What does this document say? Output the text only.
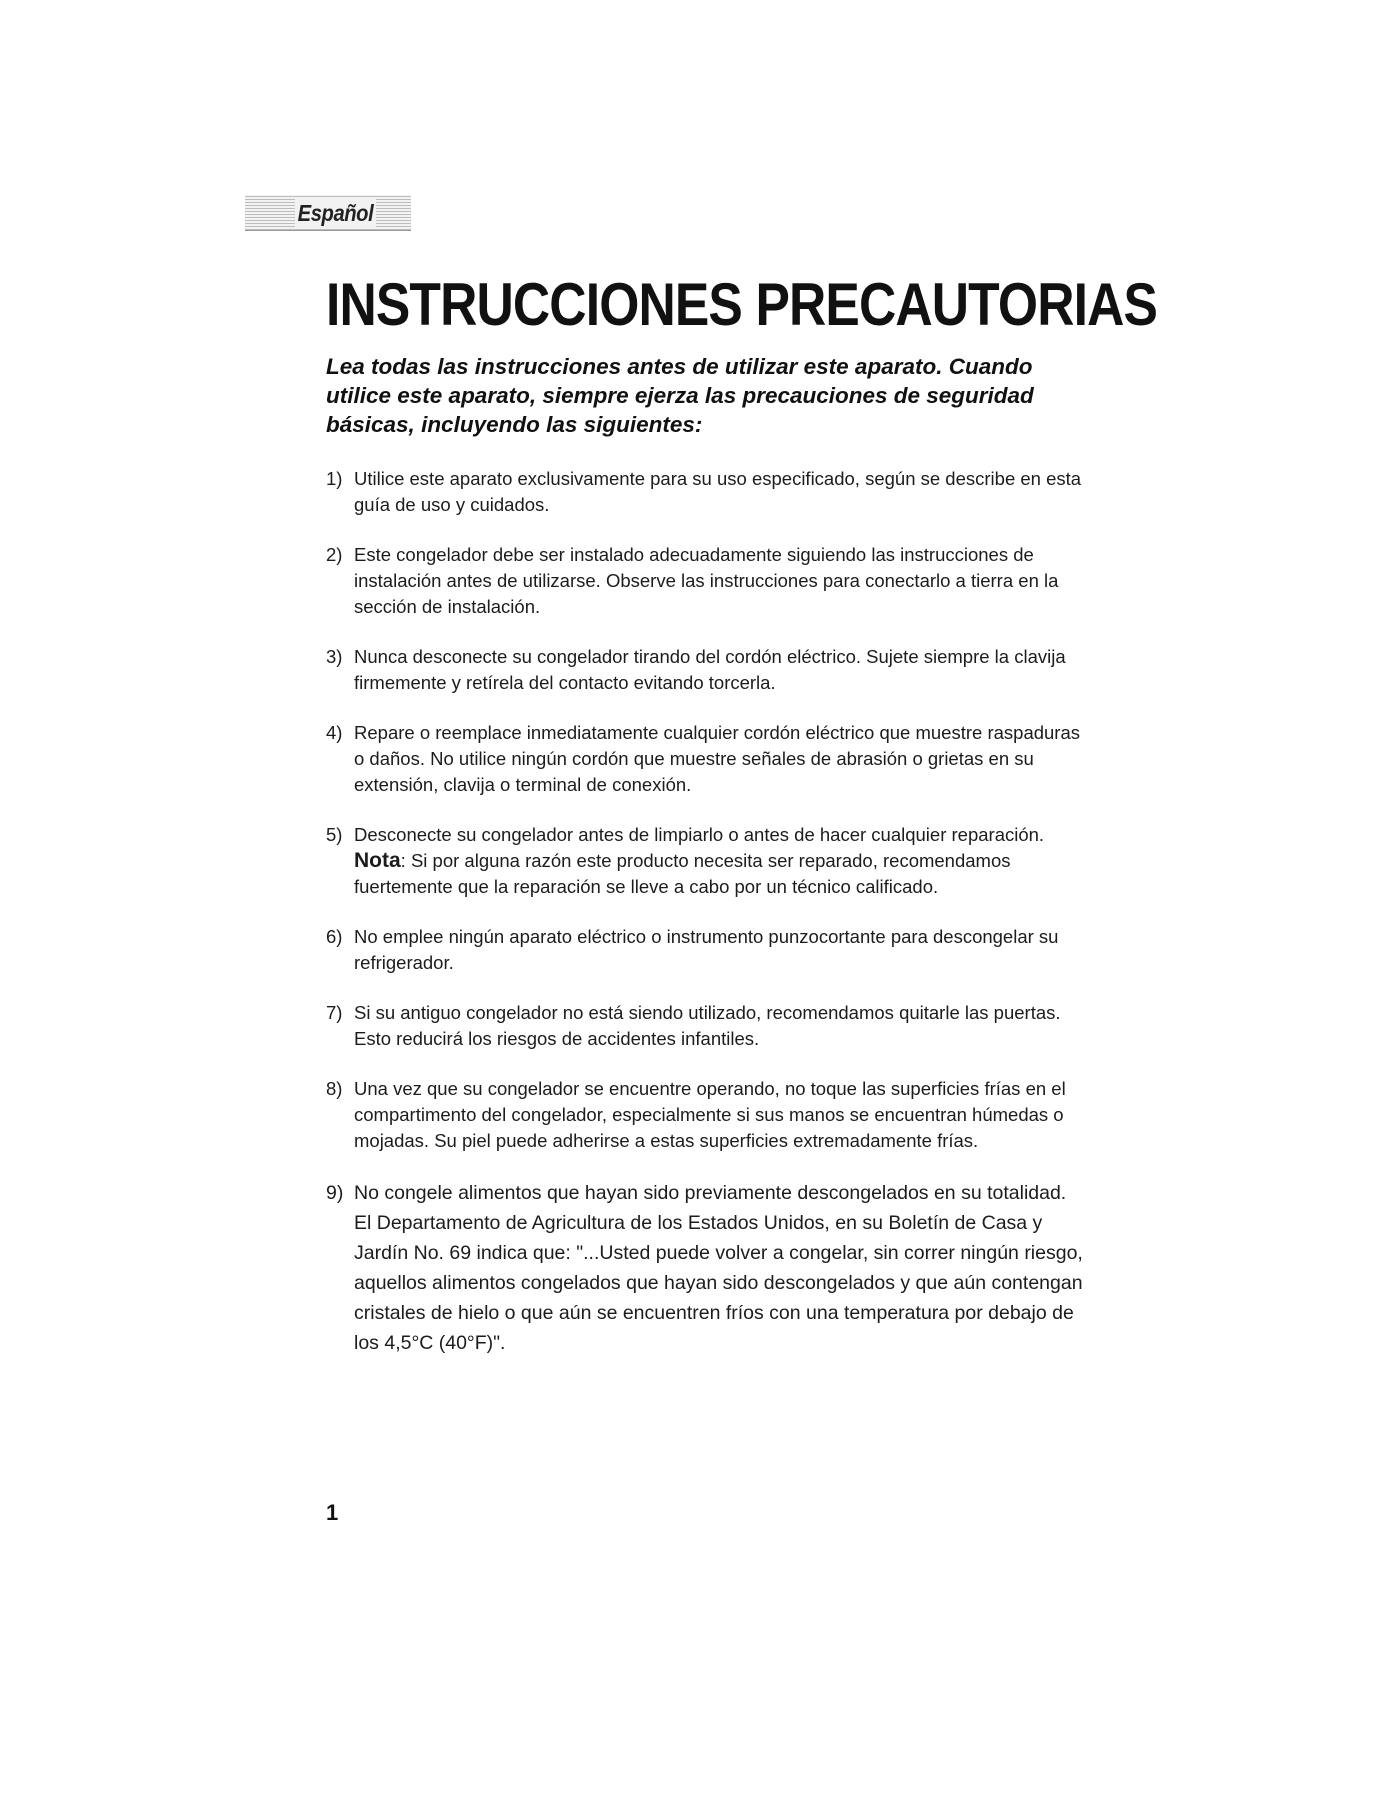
Español
INSTRUCCIONES PRECAUTORIAS

Lea todas las instrucciones antes de utilizar este aparato. Cuando utilice este aparato, siempre ejerza las precauciones de seguridad básicas, incluyendo las siguientes:

1) Utilice este aparato exclusivamente para su uso especificado, según se describe en esta guía de uso y cuidados.
2) Este congelador debe ser instalado adecuadamente siguiendo las instrucciones de instalación antes de utilizarse. Observe las instrucciones para conectarlo a tierra en la sección de instalación.
3) Nunca desconecte su congelador tirando del cordón eléctrico. Sujete siempre la clavija firmemente y retírela del contacto evitando torcerla.
4) Repare o reemplace inmediatamente cualquier cordón eléctrico que muestre raspaduras o daños. No utilice ningún cordón que muestre señales de abrasión o grietas en su extensión, clavija o terminal de conexión.
5) Desconecte su congelador antes de limpiarlo o antes de hacer cualquier reparación. Nota: Si por alguna razón este producto necesita ser reparado, recomendamos fuertemente que la reparación se lleve a cabo por un técnico calificado.
6) No emplee ningún aparato eléctrico o instrumento punzocortante para descongelar su refrigerador.
7) Si su antiguo congelador no está siendo utilizado, recomendamos quitarle las puertas. Esto reducirá los riesgos de accidentes infantiles.
8) Una vez que su congelador se encuentre operando, no toque las superficies frías en el compartimento del congelador, especialmente si sus manos se encuentran húmedas o mojadas. Su piel puede adherirse a estas superficies extremadamente frías.
9) No congele alimentos que hayan sido previamente descongelados en su totalidad. El Departamento de Agricultura de los Estados Unidos, en su Boletín de Casa y Jardín No. 69 indica que: "...Usted puede volver a congelar, sin correr ningún riesgo, aquellos alimentos congelados que hayan sido descongelados y que aún contengan cristales de hielo o que aún se encuentren fríos con una temperatura por debajo de los 4,5°C (40°F)".
1
